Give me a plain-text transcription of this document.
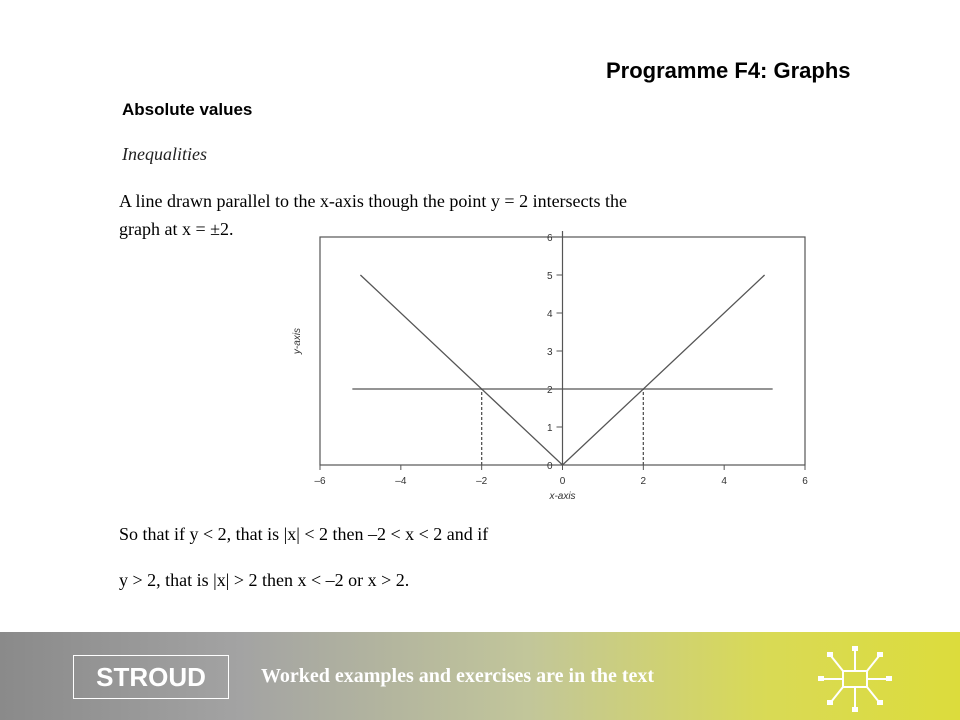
Programme F4: Graphs
Absolute values
Inequalities
A line drawn parallel to the x-axis though the point y = 2 intersects the
graph at x = ±2.
–6	–4	–2	0	2	4	6
0
1
2
3
4
5
6
x-axis
y-axis
So that if y < 2, that is |x| < 2 then –2 < x < 2 and if
y > 2, that is |x| > 2 then x < –2 or x > 2.
STROUD	Worked examples and exercises are in the text
